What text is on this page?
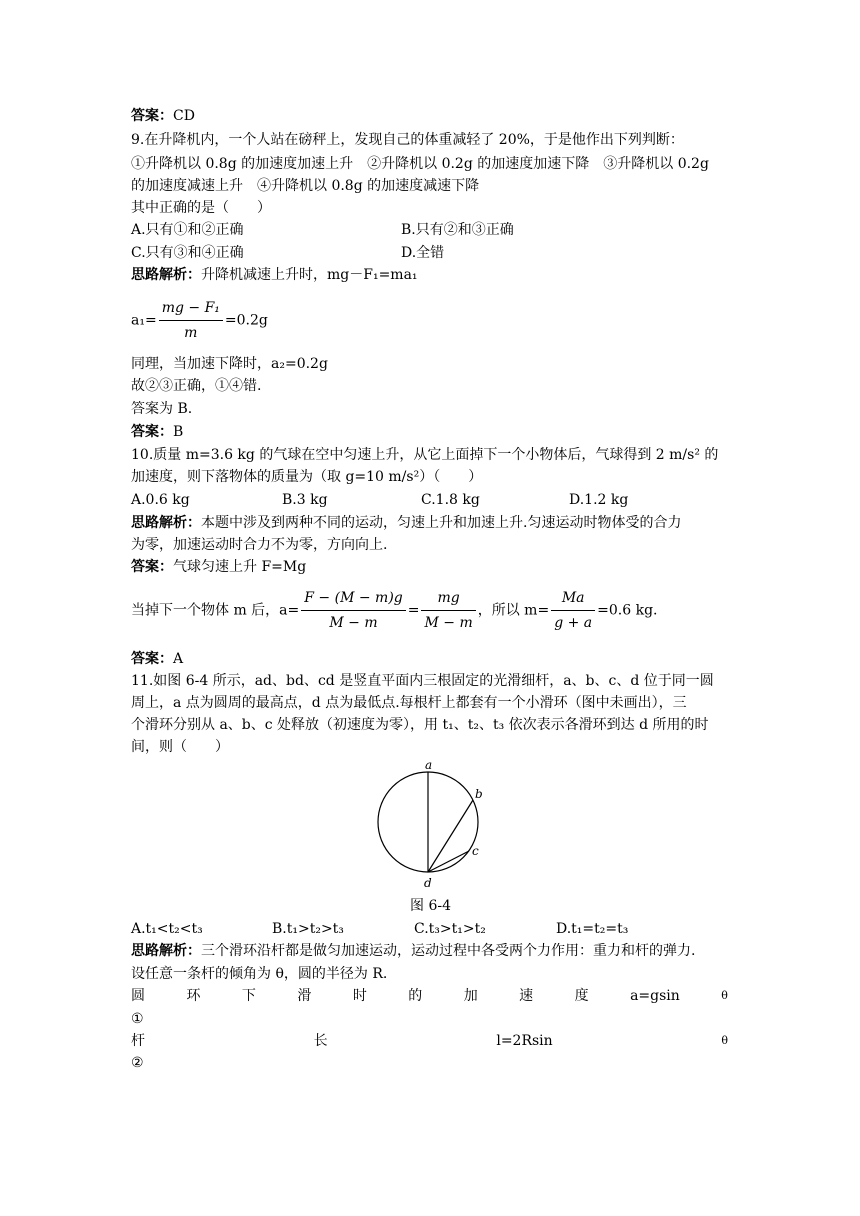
答案：CD
9.在升降机内，一个人站在磅秤上，发现自己的体重减轻了 20%，于是他作出下列判断：
①升降机以 0.8g 的加速度加速上升　②升降机以 0.2g 的加速度加速下降　③升降机以 0.2g
的加速度减速上升　④升降机以 0.8g 的加速度减速下降
其中正确的是（　　）
A.只有①和②正确	B.只有②和③正确
C.只有③和④正确	D.全错
思路解析：升降机减速上升时，mg－F₁=ma₁
$a_1= \frac{\text{mg − F₁}}{m} =0.2g$
同理，当加速下降时，a₂=0.2g
故②③正确，①④错.
答案为 B.
答案：B
10.质量 m=3.6 kg 的气球在空中匀速上升，从它上面掉下一个小物体后，气球得到 2 m/s² 的
加速度，则下落物体的质量为（取 g=10 m/s²）（　　）
A.0.6 kg	B.3 kg	C.1.8 kg	D.1.2 kg
思路解析：本题中涉及到两种不同的运动，匀速上升和加速上升.匀速运动时物体受的合力
为零，加速运动时合力不为零，方向向上.
答案：气球匀速上升 F=Mg
当掉下一个物体 m 后，$a= \frac{F - (M - m)g}{M - m} = \frac{mg}{M - m}$ ，所以 $m= \frac{Ma}{g + a} =0.6$ kg.
答案：A
11.如图 6-4 所示，ad、bd、cd 是竖直平面内三根固定的光滑细杆，a、b、c、d 位于同一圆
周上，a 点为圆周的最高点，d 点为最低点.每根杆上都套有一个小滑环（图中未画出），三
个滑环分别从 a、b、c 处释放（初速度为零），用 t₁、t₂、t₃ 依次表示各滑环到达 d 所用的时
间，则（　　）
a
b
c
d
图 6-4
A.t₁<t₂<t₃	B.t₁>t₂>t₃	C.t₃>t₁>t₂	D.t₁=t₂=t₃
思路解析：三个滑环沿杆都是做匀加速运动，运动过程中各受两个力作用：重力和杆的弹力.
设任意一条杆的倾角为 θ，圆的半径为 R.
圆	环	下	滑	时	的	加	速	度	a=gsin	θ
①
杆	长	l=2Rsin	θ
②
